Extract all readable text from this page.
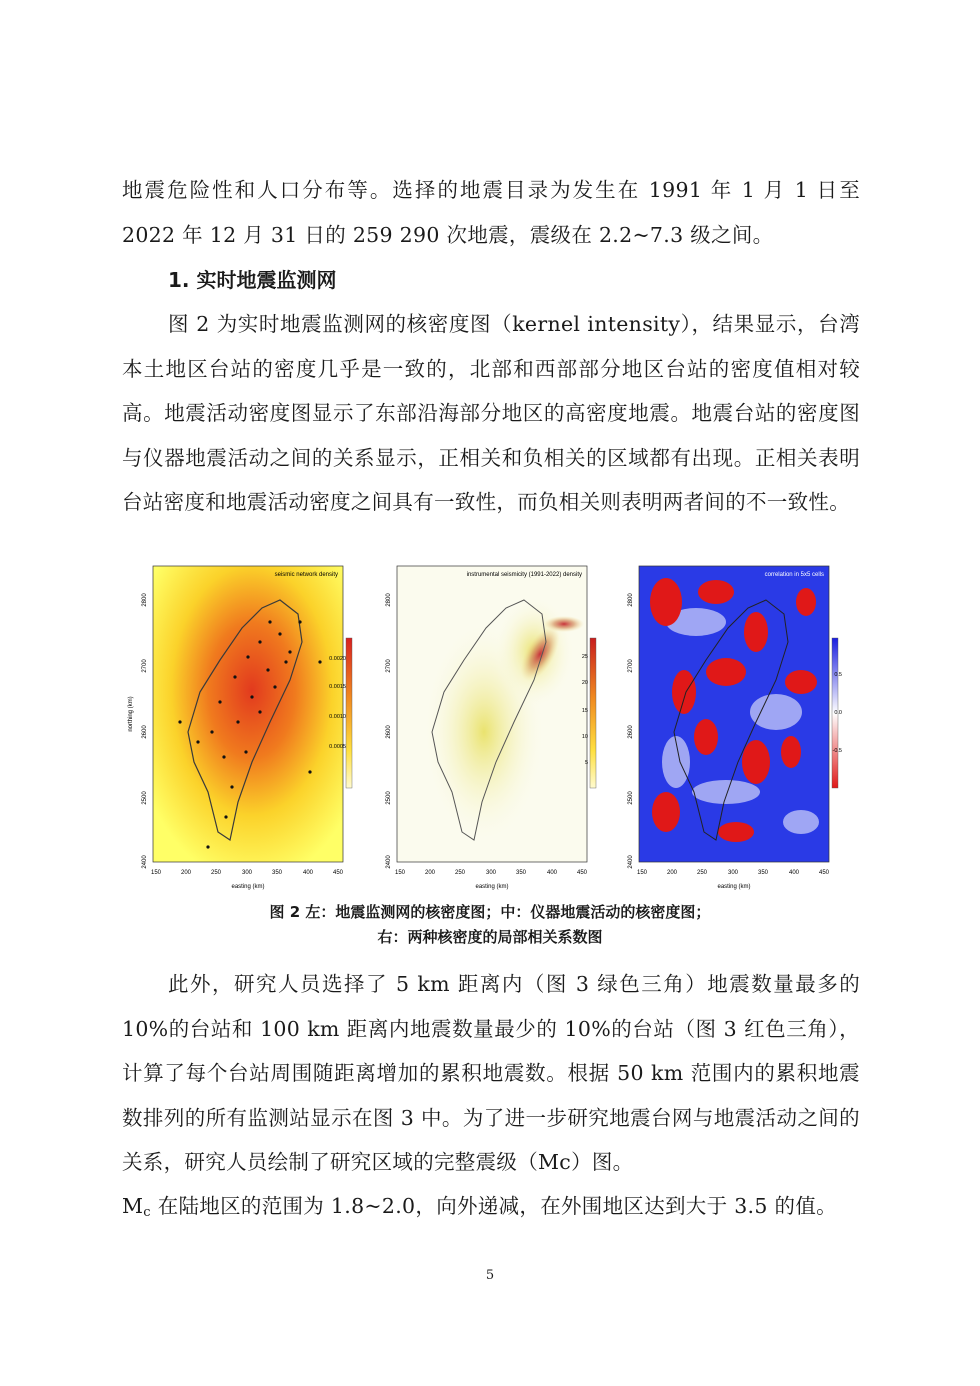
地震危险性和人口分布等。选择的地震目录为发生在 1991 年 1 月 1 日至 2022 年 12 月 31 日的 259 290 次地震，震级在 2.2~7.3 级之间。

1. 实时地震监测网

图 2 为实时地震监测网的核密度图（kernel intensity），结果显示，台湾本土地区台站的密度几乎是一致的，北部和西部部分地区台站的密度值相对较高。地震活动密度图显示了东部沿海部分地区的高密度地震。地震台站的密度图与仪器地震活动之间的关系显示，正相关和负相关的区域都有出现。正相关表明台站密度和地震活动密度之间具有一致性，而负相关则表明两者间的不一致性。

seismic network density
150	200	250	300	350	400	450
2800
2700
2600
2500
2400
northing (km)
easting (km)
0.0020
0.0015
0.0010
0.0005
instrumental seismicity (1991-2022) density
150	200	250	300	350	400	450
2800
2700
2600
2500
2400
easting (km)
25
20
15
10
5
correlation in 5x5 cells
150	200	250	300	350	400	450
2800
2700
2600
2500
2400
easting (km)
0.5
0.0
-0.5
图 2 左：地震监测网的核密度图；中：仪器地震活动的核密度图；
右：两种核密度的局部相关系数图

此外，研究人员选择了 5 km 距离内（图 3 绿色三角）地震数量最多的 10%的台站和 100 km 距离内地震数量最少的 10%的台站（图 3 红色三角），计算了每个台站周围随距离增加的累积地震数。根据 50 km 范围内的累积地震数排列的所有监测站显示在图 3 中。为了进一步研究地震台网与地震活动之间的关系，研究人员绘制了研究区域的完整震级（Mc）图。

$M_c$ 在陆地区的范围为 1.8~2.0，向外递减，在外围地区达到大于 3.5 的值。

5
